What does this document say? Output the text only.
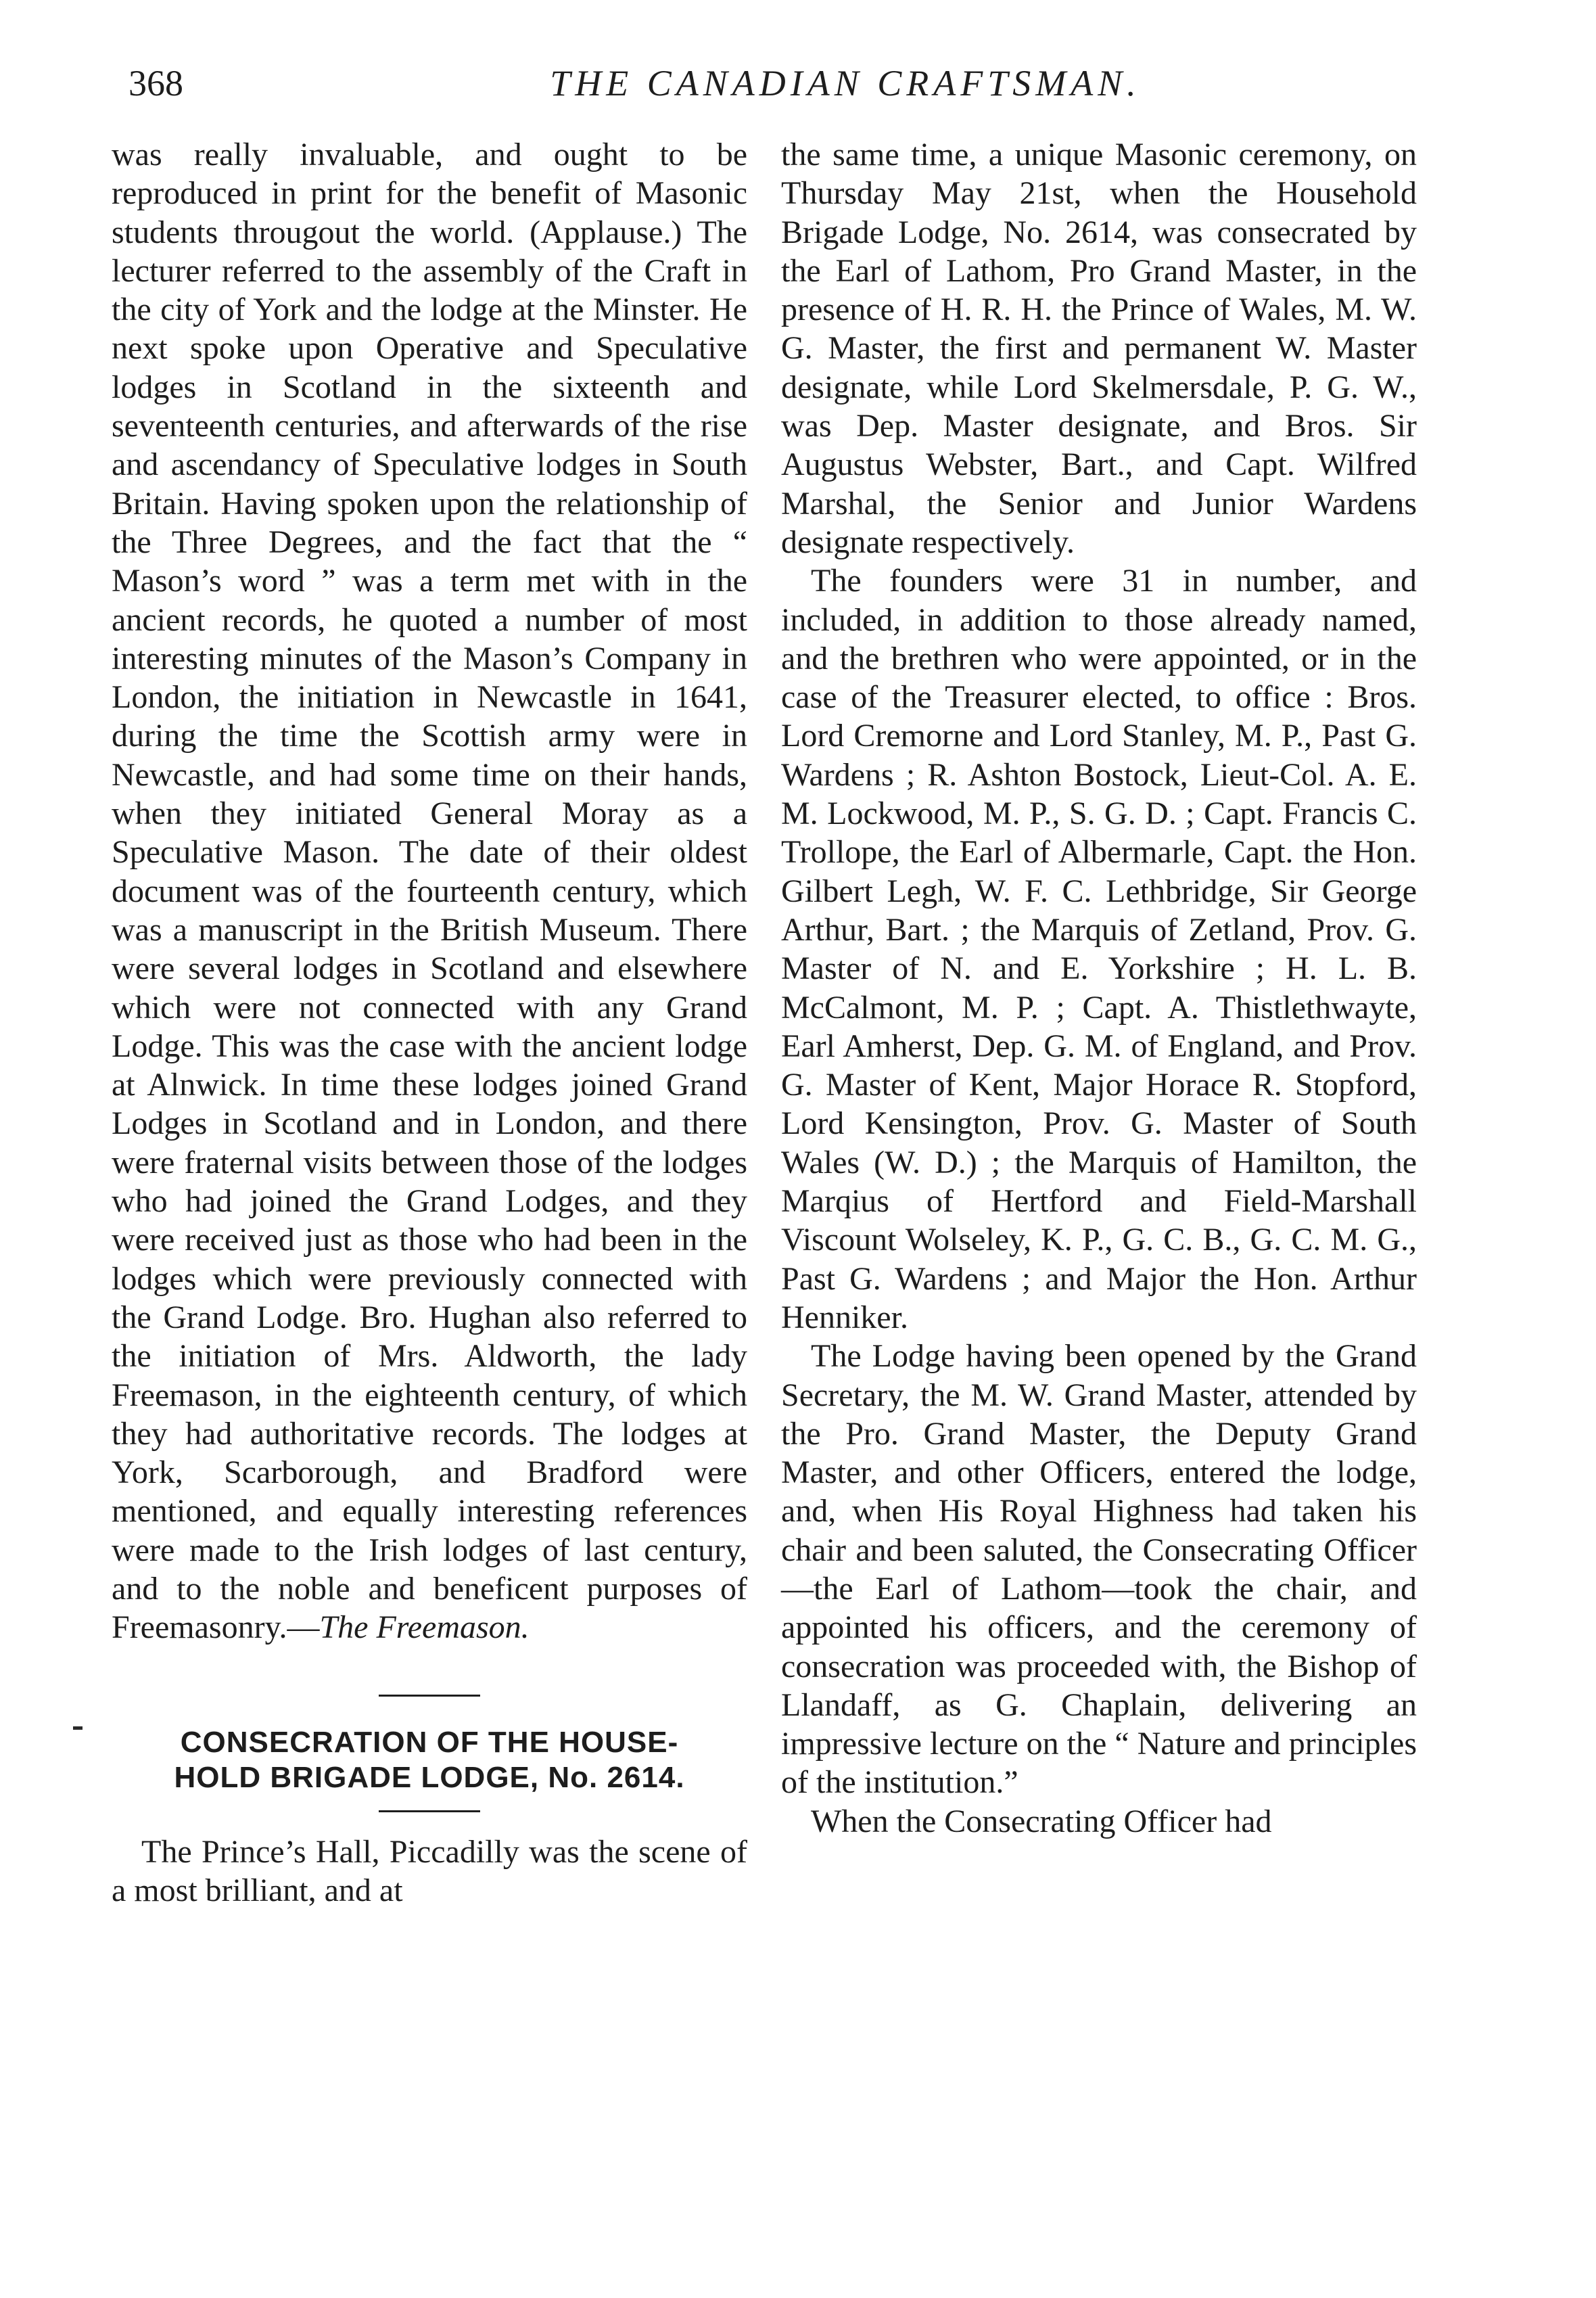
368	THE CANADIAN CRAFTSMAN.

was really invaluable, and ought to be reproduced in print for the benefit of Masonic students througout the world. (Applause.) The lecturer referred to the assembly of the Craft in the city of York and the lodge at the Minster. He next spoke upon Operative and Speculative lodges in Scotland in the sixteenth and seventeenth centuries, and afterwards of the rise and ascendancy of Speculative lodges in South Britain. Having spoken upon the relationship of the Three Degrees, and the fact that the “ Mason’s word ” was a term met with in the ancient records, he quoted a number of most interesting minutes of the Mason’s Company in London, the initiation in Newcastle in 1641, during the time the Scottish army were in Newcastle, and had some time on their hands, when they initiated General Moray as a Speculative Mason. The date of their oldest document was of the fourteenth century, which was a manuscript in the British Museum. There were several lodges in Scotland and elsewhere which were not connected with any Grand Lodge. This was the case with the ancient lodge at Alnwick. In time these lodges joined Grand Lodges in Scotland and in London, and there were fraternal visits between those of the lodges who had joined the Grand Lodges, and they were received just as those who had been in the lodges which were previously connected with the Grand Lodge. Bro. Hughan also referred to the initiation of Mrs. Aldworth, the lady Freemason, in the eighteenth century, of which they had authoritative records. The lodges at York, Scarborough, and Bradford were mentioned, and equally interesting references were made to the Irish lodges of last century, and to the noble and beneficent purposes of Freemasonry.—The Freemason.

CONSECRATION OF THE HOUSE-
HOLD BRIGADE LODGE, No. 2614.

The Prince’s Hall, Piccadilly was the scene of a most brilliant, and at

the same time, a unique Masonic ceremony, on Thursday May 21st, when the Household Brigade Lodge, No. 2614, was consecrated by the Earl of Lathom, Pro Grand Master, in the presence of H. R. H. the Prince of Wales, M. W. G. Master, the first and permanent W. Master designate, while Lord Skelmersdale, P. G. W., was Dep. Master designate, and Bros. Sir Augustus Webster, Bart., and Capt. Wilfred Marshal, the Senior and Junior Wardens designate respectively.

The founders were 31 in number, and included, in addition to those already named, and the brethren who were appointed, or in the case of the Treasurer elected, to office : Bros. Lord Cremorne and Lord Stanley, M. P., Past G. Wardens ; R. Ashton Bostock, Lieut-Col. A. E. M. Lockwood, M. P., S. G. D. ; Capt. Francis C. Trollope, the Earl of Albermarle, Capt. the Hon. Gilbert Legh, W. F. C. Lethbridge, Sir George Arthur, Bart. ; the Marquis of Zetland, Prov. G. Master of N. and E. Yorkshire ; H. L. B. McCalmont, M. P. ; Capt. A. Thistlethwayte, Earl Amherst, Dep. G. M. of England, and Prov. G. Master of Kent, Major Horace R. Stopford, Lord Kensington, Prov. G. Master of South Wales (W. D.) ; the Marquis of Hamilton, the Marqius of Hertford and Field-Marshall Viscount Wolseley, K. P., G. C. B., G. C. M. G., Past G. Wardens ; and Major the Hon. Arthur Henniker.

The Lodge having been opened by the Grand Secretary, the M. W. Grand Master, attended by the Pro. Grand Master, the Deputy Grand Master, and other Officers, entered the lodge, and, when His Royal Highness had taken his chair and been saluted, the Consecrating Officer—the Earl of Lathom—took the chair, and appointed his officers, and the ceremony of consecration was proceeded with, the Bishop of Llandaff, as G. Chaplain, delivering an impressive lecture on the “ Nature and principles of the institution.”

When the Consecrating Officer had
